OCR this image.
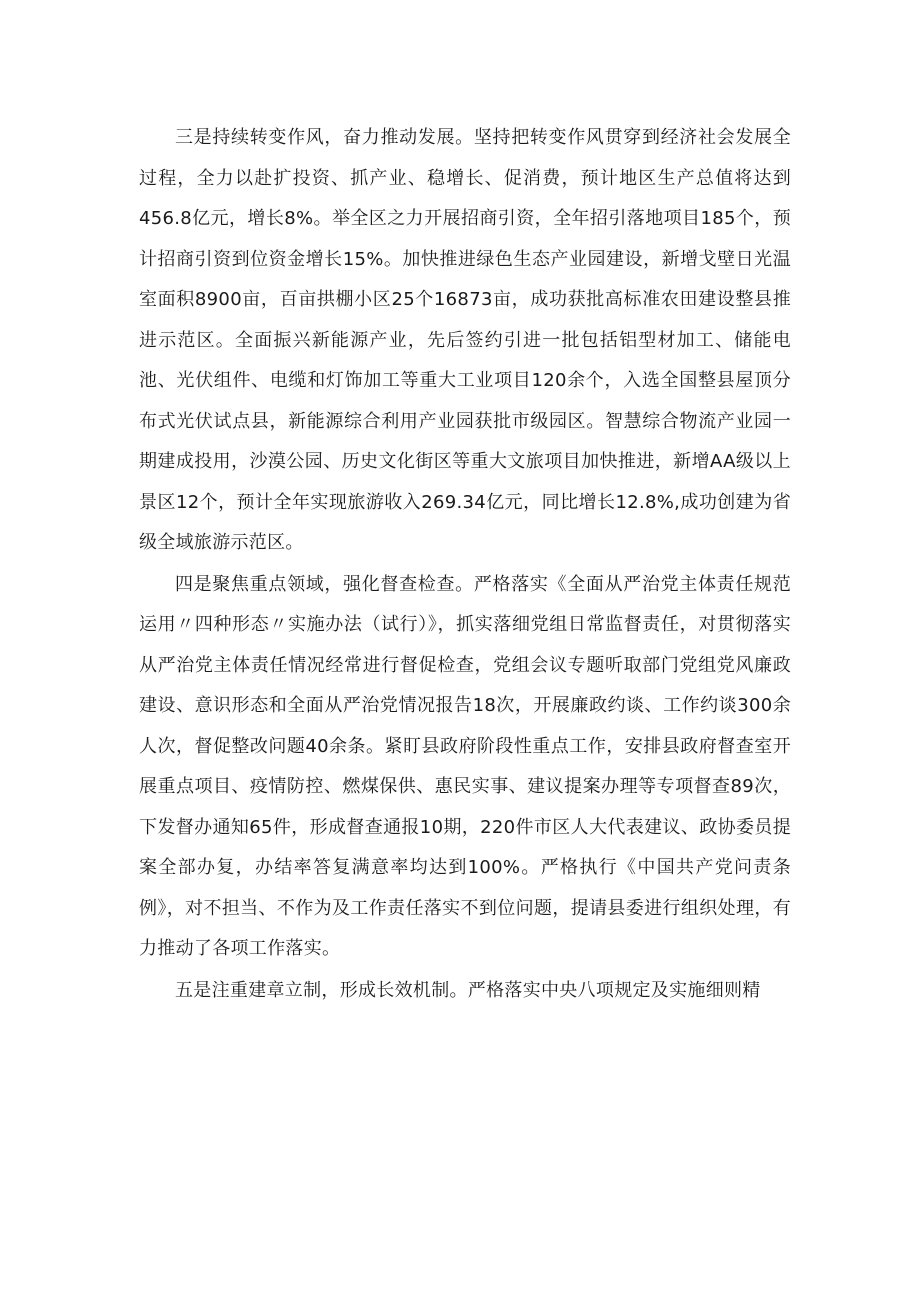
三是持续转变作风，奋力推动发展。坚持把转变作风贯穿到经济社会发展全过程，全力以赴扩投资、抓产业、稳增长、促消费，预计地区生产总值将达到456.8亿元，增长8%。举全区之力开展招商引资，全年招引落地项目185个，预计招商引资到位资金增长15%。加快推进绿色生态产业园建设，新增戈壁日光温室面积8900亩，百亩拱棚小区25个16873亩，成功获批高标准农田建设整县推进示范区。全面振兴新能源产业，先后签约引进一批包括铝型材加工、储能电池、光伏组件、电缆和灯饰加工等重大工业项目120余个，入选全国整县屋顶分布式光伏试点县，新能源综合利用产业园获批市级园区。智慧综合物流产业园一期建成投用，沙漠公园、历史文化街区等重大文旅项目加快推进，新增AA级以上景区12个，预计全年实现旅游收入269.34亿元，同比增长12.8%,成功创建为省级全域旅游示范区。

四是聚焦重点领域，强化督查检查。严格落实《全面从严治党主体责任规范运用〃四种形态〃实施办法（试行）》，抓实落细党组日常监督责任，对贯彻落实从严治党主体责任情况经常进行督促检查，党组会议专题听取部门党组党风廉政建设、意识形态和全面从严治党情况报告18次，开展廉政约谈、工作约谈300余人次，督促整改问题40余条。紧盯县政府阶段性重点工作，安排县政府督查室开展重点项目、疫情防控、燃煤保供、惠民实事、建议提案办理等专项督查89次，下发督办通知65件，形成督查通报10期，220件市区人大代表建议、政协委员提案全部办复，办结率答复满意率均达到100%。严格执行《中国共产党问责条例》，对不担当、不作为及工作责任落实不到位问题，提请县委进行组织处理，有力推动了各项工作落实。

五是注重建章立制，形成长效机制。严格落实中央八项规定及实施细则精
